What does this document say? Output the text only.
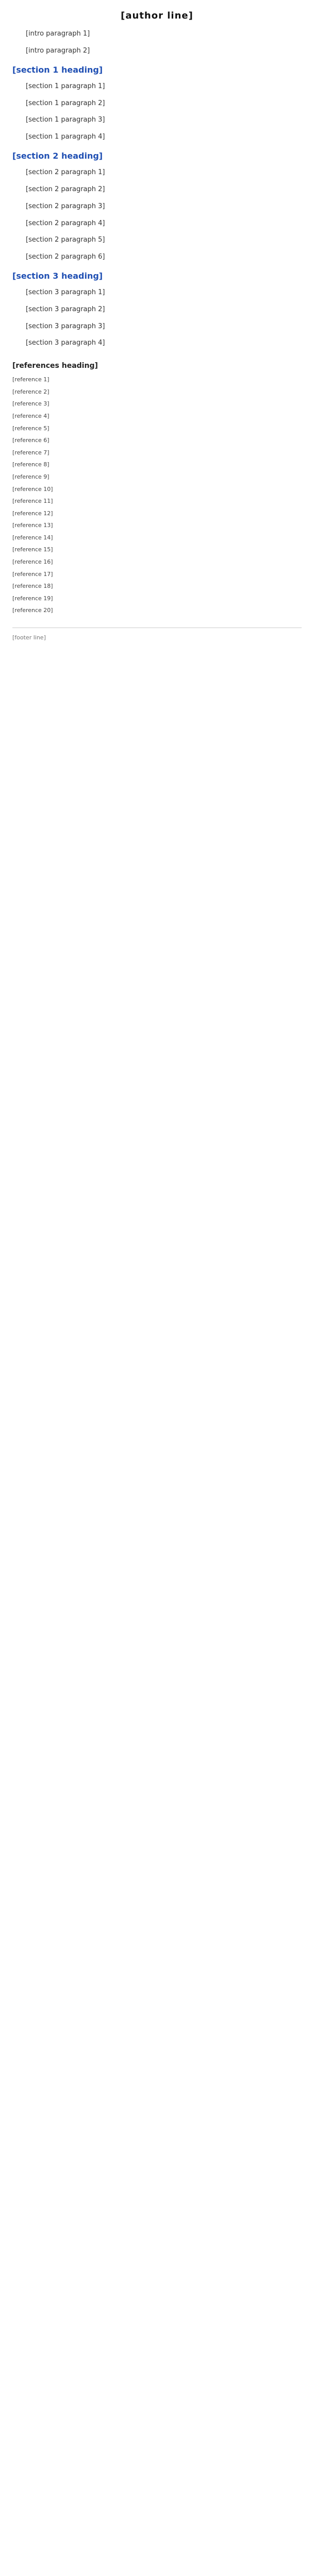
[author line]

[intro paragraph 1]

[intro paragraph 2]

[section 1 heading]

[section 1 paragraph 1]

[section 1 paragraph 2]

[section 1 paragraph 3]

[section 1 paragraph 4]

[section 2 heading]

[section 2 paragraph 1]

[section 2 paragraph 2]

[section 2 paragraph 3]

[section 2 paragraph 4]

[section 2 paragraph 5]

[section 2 paragraph 6]

[section 3 heading]

[section 3 paragraph 1]

[section 3 paragraph 2]

[section 3 paragraph 3]

[section 3 paragraph 4]

[references heading]
[reference 1]
[reference 2]
[reference 3]
[reference 4]
[reference 5]
[reference 6]
[reference 7]
[reference 8]
[reference 9]
[reference 10]
[reference 11]
[reference 12]
[reference 13]
[reference 14]
[reference 15]
[reference 16]
[reference 17]
[reference 18]
[reference 19]
[reference 20]
[footer line]
